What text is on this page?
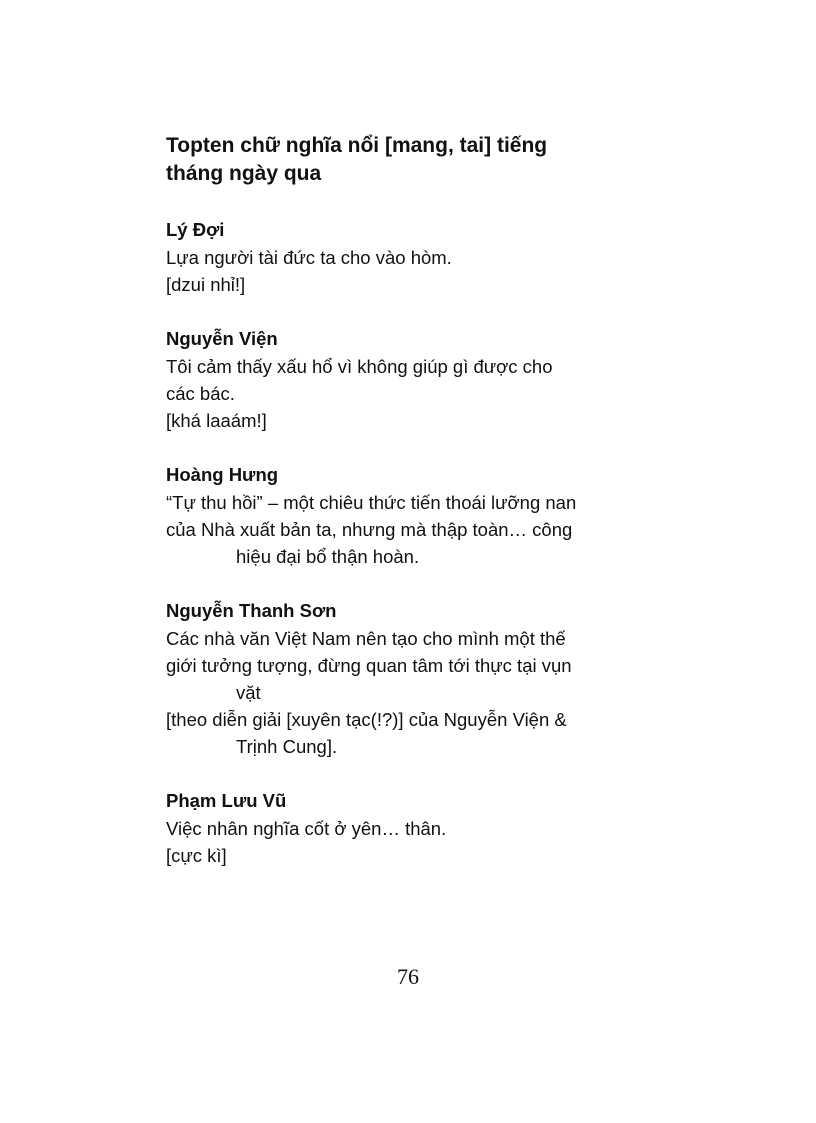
Topten chữ nghĩa nổi [mang, tai] tiếng
tháng ngày qua
Lý Đợi
Lựa người tài đức ta cho vào hòm.
[dzui nhỉ!]
Nguyễn Viện
Tôi cảm thấy xấu hổ vì không giúp gì được cho
các bác.
[khá laaám!]
Hoàng Hưng
“Tự thu hồi” – một chiêu thức tiến thoái lưỡng nan
của Nhà xuất bản ta, nhưng mà thập toàn… công
hiệu đại bổ thận hoàn.
Nguyễn Thanh Sơn
Các nhà văn Việt Nam nên tạo cho mình một thế
giới tưởng tượng, đừng quan tâm tới thực tại vụn
vặt
[theo diễn giải [xuyên tạc(!?)] của Nguyễn Viện &
Trịnh Cung].
Phạm Lưu Vũ
Việc nhân nghĩa cốt ở yên… thân.
[cực kì]
76
